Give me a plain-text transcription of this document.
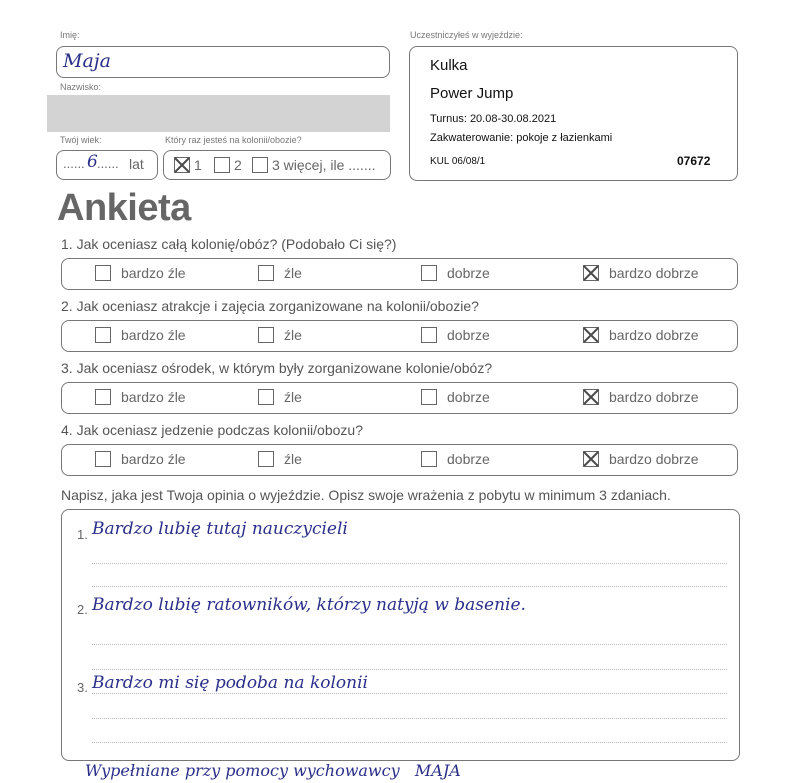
Imię:
Maja
Nazwisko:
Twój wiek:
...... 6 ...... lat
Który raz jesteś na kolonii/obozie?
1 2 3 więcej, ile .......
Uczestniczyłeś w wyjeździe:
Kulka
Power Jump
Turnus: 20.08-30.08.2021
Zakwaterowanie: pokoje z łazienkami
KUL 06/08/1	07672
Ankieta
1. Jak oceniasz całą kolonię/obóz? (Podobało Ci się?)
bardzo źle	źle	dobrze	bardzo dobrze
2. Jak oceniasz atrakcje i zajęcia zorganizowane na kolonii/obozie?
bardzo źle	źle	dobrze	bardzo dobrze
3. Jak oceniasz ośrodek, w którym były zorganizowane kolonie/obóz?
bardzo źle	źle	dobrze	bardzo dobrze
4. Jak oceniasz jedzenie podczas kolonii/obozu?
bardzo źle	źle	dobrze	bardzo dobrze
Napisz, jaka jest Twoja opinia o wyjeździe. Opisz swoje wrażenia z pobytu w minimum 3 zdaniach.
1. Bardzo lubię tutaj nauczycieli
2. Bardzo lubię ratowników, którzy natyją w basenie.
3. Bardzo mi się podoba na kolonii
Wypełniane przy pomocy wychowawcy   MAJA
